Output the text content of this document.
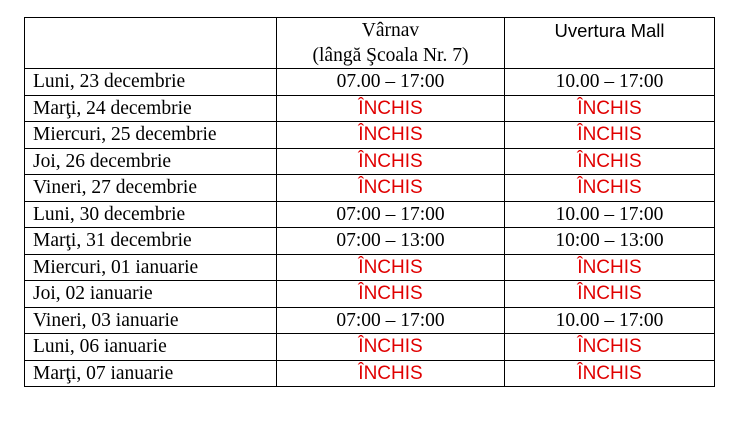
	Vârnav
(lângă Şcoala Nr. 7)	Uvertura Mall

Luni, 23 decembrie	07.00 – 17:00	10.00 – 17:00
Marţi, 24 decembrie	ÎNCHIS	ÎNCHIS
Miercuri, 25 decembrie	ÎNCHIS	ÎNCHIS
Joi, 26 decembrie	ÎNCHIS	ÎNCHIS
Vineri, 27 decembrie	ÎNCHIS	ÎNCHIS
Luni, 30 decembrie	07:00 – 17:00	10.00 – 17:00
Marţi, 31 decembrie	07:00 – 13:00	10:00 – 13:00
Miercuri, 01 ianuarie	ÎNCHIS	ÎNCHIS
Joi, 02 ianuarie	ÎNCHIS	ÎNCHIS
Vineri, 03 ianuarie	07:00 – 17:00	10.00 – 17:00
Luni, 06 ianuarie	ÎNCHIS	ÎNCHIS
Marţi, 07 ianuarie	ÎNCHIS	ÎNCHIS
